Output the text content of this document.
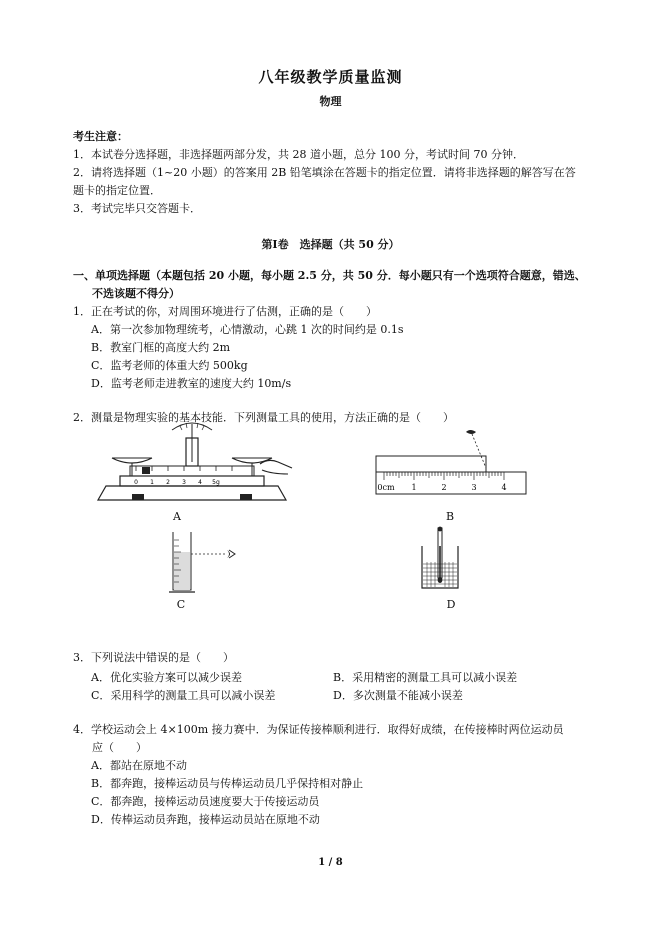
八年级教学质量监测
物理
考生注意：
1．本试卷分选择题，非选择题两部分发，共 28 道小题，总分 100 分，考试时间 70 分钟．
2．请将选择题（1~20 小题）的答案用 2B 铅笔填涂在答题卡的指定位置．请将非选择题的解答写在答
题卡的指定位置．
3．考试完毕只交答题卡．
第Ⅰ卷　选择题（共 50 分）
一、单项选择题（本题包括 20 小题，每小题 2.5 分，共 50 分．每小题只有一个选项符合题意，错选、
不选该题不得分）
1．正在考试的你，对周围环境进行了估测，正确的是（　　）
A．第一次参加物理统考，心情激动，心跳 1 次的时间约是 0.1s
B．教室门框的高度大约 2m
C．监考老师的体重大约 500kg
D．监考老师走进教室的速度大约 10m/s
2．测量是物理实验的基本技能．下列测量工具的使用，方法正确的是（　　）
0 1 2 3 4 5g
A
0cm 1	2	3	4
B
C	D
3．下列说法中错误的是（　　）
A．优化实验方案可以减少误差	B．采用精密的测量工具可以减小误差
C．采用科学的测量工具可以减小误差	D．多次测量不能减小误差
4．学校运动会上 4×100m 接力赛中．为保证传接棒顺利进行．取得好成绩，在传接棒时两位运动员
应（　　）
A．都站在原地不动
B．都奔跑，接棒运动员与传棒运动员几乎保持相对静止
C．都奔跑，接棒运动员速度要大于传接运动员
D．传棒运动员奔跑，接棒运动员站在原地不动
1 / 8
